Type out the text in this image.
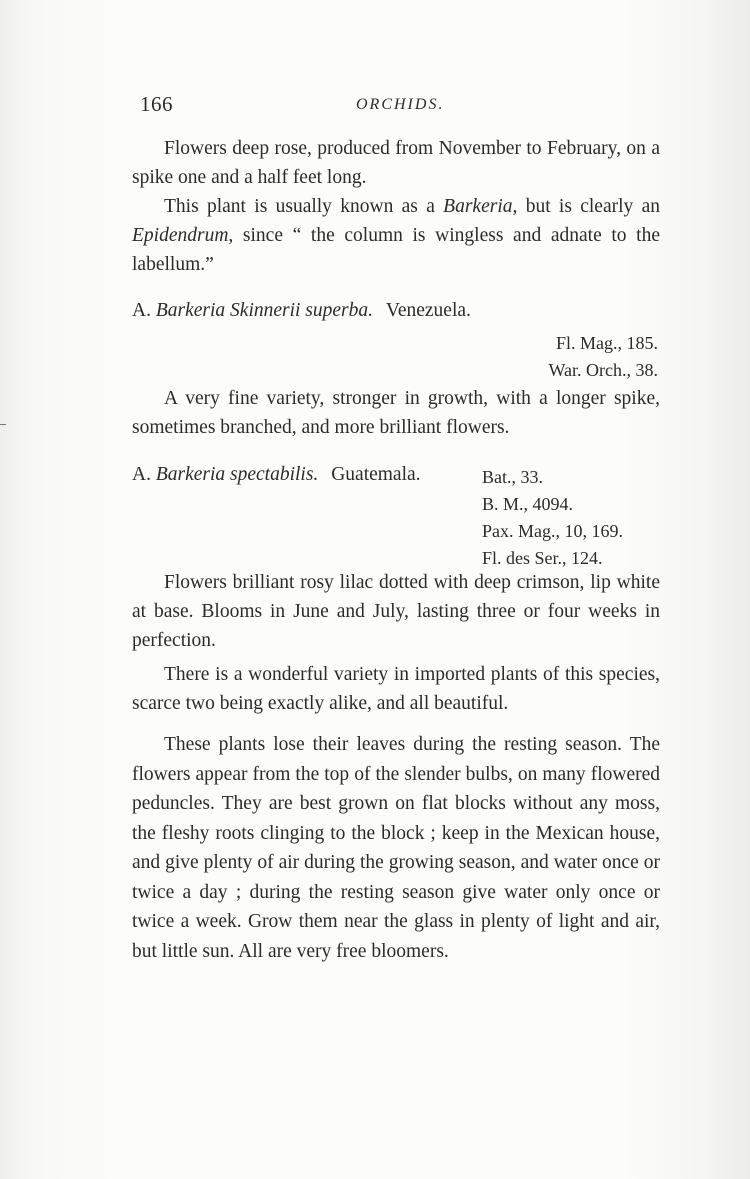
166	ORCHIDS.

Flowers deep rose, produced from November to February, on a spike one and a half feet long.

This plant is usually known as a Barkeria, but is clearly an Epidendrum, since “ the column is wingless and adnate to the labellum.”

A. Barkeria Skinnerii superba. Venezuela.
Fl. Mag., 185.
War. Orch., 38.

A very fine variety, stronger in growth, with a longer spike, sometimes branched, and more brilliant flowers.

A. Barkeria spectabilis. Guatemala.	Bat., 33.
B. M., 4094.
Pax. Mag., 10, 169.
Fl. des Ser., 124.

Flowers brilliant rosy lilac dotted with deep crimson, lip white at base. Blooms in June and July, lasting three or four weeks in perfection.

There is a wonderful variety in imported plants of this species, scarce two being exactly alike, and all beautiful.

These plants lose their leaves during the resting season. The flowers appear from the top of the slender bulbs, on many flowered peduncles. They are best grown on flat blocks without any moss, the fleshy roots clinging to the block ; keep in the Mexican house, and give plenty of air during the growing season, and water once or twice a day ; during the resting season give water only once or twice a week. Grow them near the glass in plenty of light and air, but little sun. All are very free bloomers.
